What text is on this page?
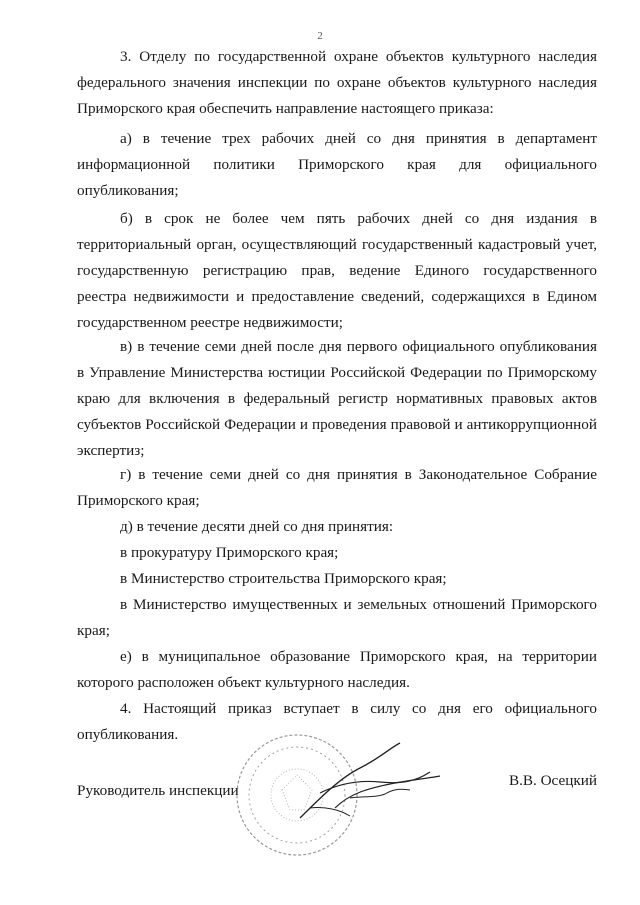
2

3. Отделу по государственной охране объектов культурного наследия федерального значения инспекции по охране объектов культурного наследия Приморского края обеспечить направление настоящего приказа:

а) в течение трех рабочих дней со дня принятия в департамент информационной политики Приморского края для официального опубликования;

б) в срок не более чем пять рабочих дней со дня издания в территориальный орган, осуществляющий государственный кадастровый учет, государственную регистрацию прав, ведение Единого государственного реестра недвижимости и предоставление сведений, содержащихся в Едином государственном реестре недвижимости;

в) в течение семи дней после дня первого официального опубликования в Управление Министерства юстиции Российской Федерации по Приморскому краю для включения в федеральный регистр нормативных правовых актов субъектов Российской Федерации и проведения правовой и антикоррупционной экспертиз;

г) в течение семи дней со дня принятия в Законодательное Собрание Приморского края;

д) в течение десяти дней со дня принятия:

в прокуратуру Приморского края;

в Министерство строительства Приморского края;

в Министерство имущественных и земельных отношений Приморского края;

е) в муниципальное образование Приморского края, на территории которого расположен объект культурного наследия.

4. Настоящий приказ вступает в силу со дня его официального опубликования.

Руководитель инспекции
В.В. Осецкий
